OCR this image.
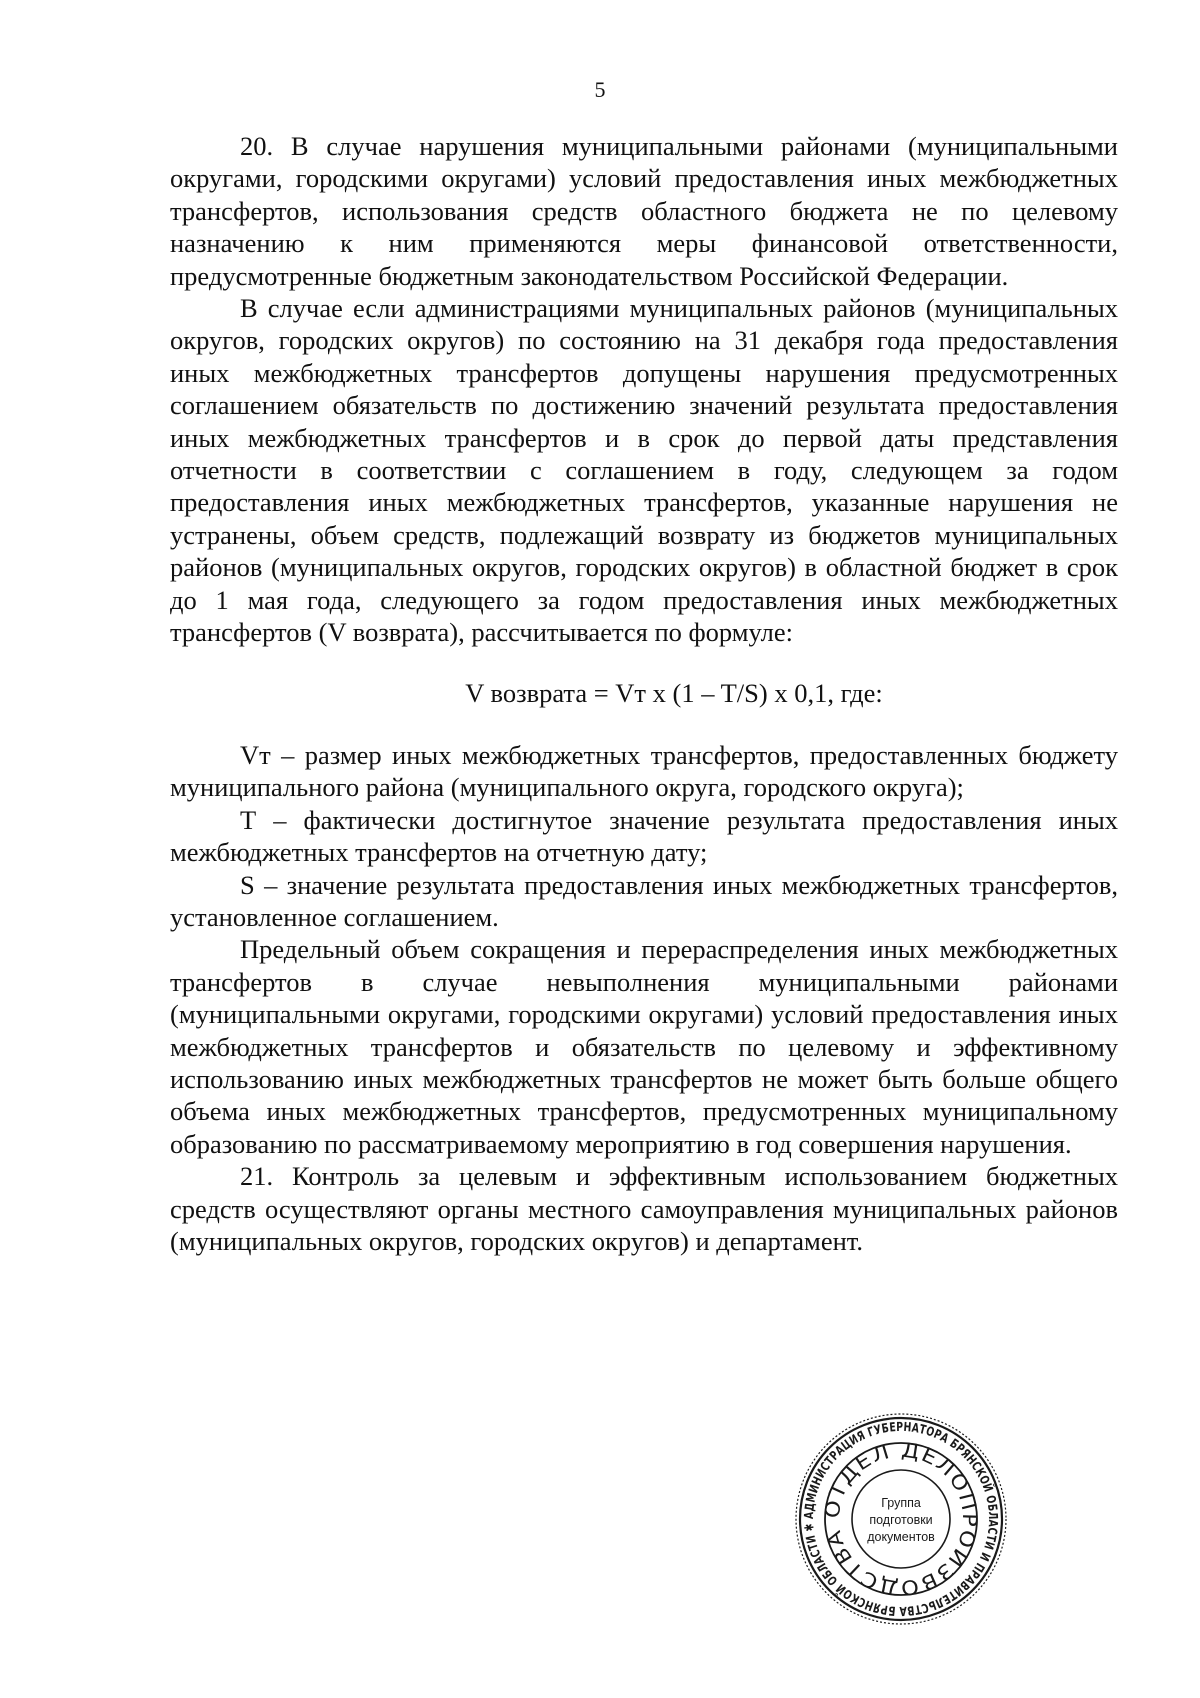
5

20. В случае нарушения муниципальными районами (муниципальными округами, городскими округами) условий предоставления иных межбюджетных трансфертов, использования средств областного бюджета не по целевому назначению к ним применяются меры финансовой ответственности, предусмотренные бюджетным законодательством Российской Федерации.

В случае если администрациями муниципальных районов (муниципальных округов, городских округов) по состоянию на 31 декабря года предоставления иных межбюджетных трансфертов допущены нарушения предусмотренных соглашением обязательств по достижению значений результата предоставления иных межбюджетных трансфертов и в срок до первой даты представления отчетности в соответствии с соглашением в году, следующем за годом предоставления иных межбюджетных трансфертов, указанные нарушения не устранены, объем средств, подлежащий возврату из бюджетов муниципальных районов (муниципальных округов, городских округов) в областной бюджет в срок до 1 мая года, следующего за годом предоставления иных межбюджетных трансфертов (V возврата), рассчитывается по формуле:

V возврата = Vт x (1 – T/S) x 0,1, где:

Vт – размер иных межбюджетных трансфертов, предоставленных бюджету муниципального района (муниципального округа, городского округа);

Т – фактически достигнутое значение результата предоставления иных межбюджетных трансфертов на отчетную дату;

S – значение результата предоставления иных межбюджетных трансфертов, установленное соглашением.

Предельный объем сокращения и перераспределения иных межбюджетных трансфертов в случае невыполнения муниципальными районами (муниципальными округами, городскими округами) условий предоставления иных межбюджетных трансфертов и обязательств по целевому и эффективному использованию иных межбюджетных трансфертов не может быть больше общего объема иных межбюджетных трансфертов, предусмотренных муниципальному образованию по рассматриваемому мероприятию в год совершения нарушения.

21. Контроль за целевым и эффективным использованием бюджетных средств осуществляют органы местного самоуправления муниципальных районов (муниципальных округов, городских округов) и департамент.

АДМИНИСТРАЦИЯ ГУБЕРНАТОРА БРЯНСКОЙ ОБЛАСТИ И ПРАВИТЕЛЬСТВА БРЯНСКОЙ ОБЛАСТИ ✱
ОТДЕЛ ДЕЛОПРОИЗВОДСТВА
Группа
подготовки
документов
